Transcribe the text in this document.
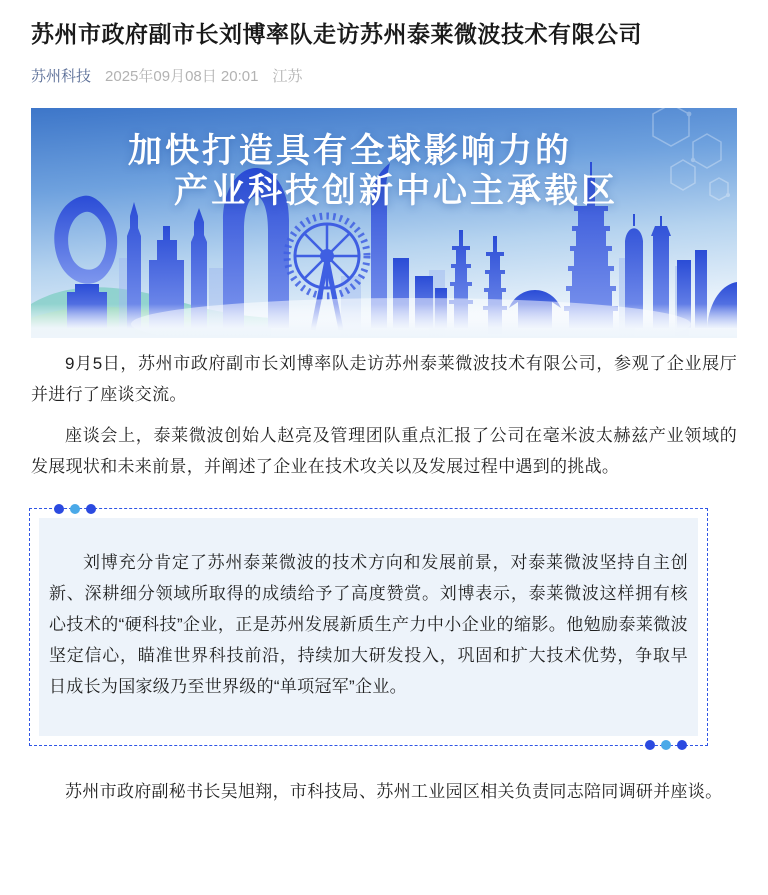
苏州市政府副市长刘博率队走访苏州泰莱微波技术有限公司
苏州科技 2025年09月08日 20:01 江苏
加快打造具有全球影响力的
产业科技创新中心主承载区

9月5日，苏州市政府副市长刘博率队走访苏州泰莱微波技术有限公司，参观了企业展厅并进行了座谈交流。

座谈会上，泰莱微波创始人赵亮及管理团队重点汇报了公司在毫米波太赫兹产业领域的发展现状和未来前景，并阐述了企业在技术攻关以及发展过程中遇到的挑战。

刘博充分肯定了苏州泰莱微波的技术方向和发展前景，对泰莱微波坚持自主创新、深耕细分领域所取得的成绩给予了高度赞赏。刘博表示，泰莱微波这样拥有核心技术的“硬科技”企业，正是苏州发展新质生产力中小企业的缩影。他勉励泰莱微波坚定信心，瞄准世界科技前沿，持续加大研发投入，巩固和扩大技术优势，争取早日成长为国家级乃至世界级的“单项冠军”企业。

苏州市政府副秘书长吴旭翔，市科技局、苏州工业园区相关负责同志陪同调研并座谈。
